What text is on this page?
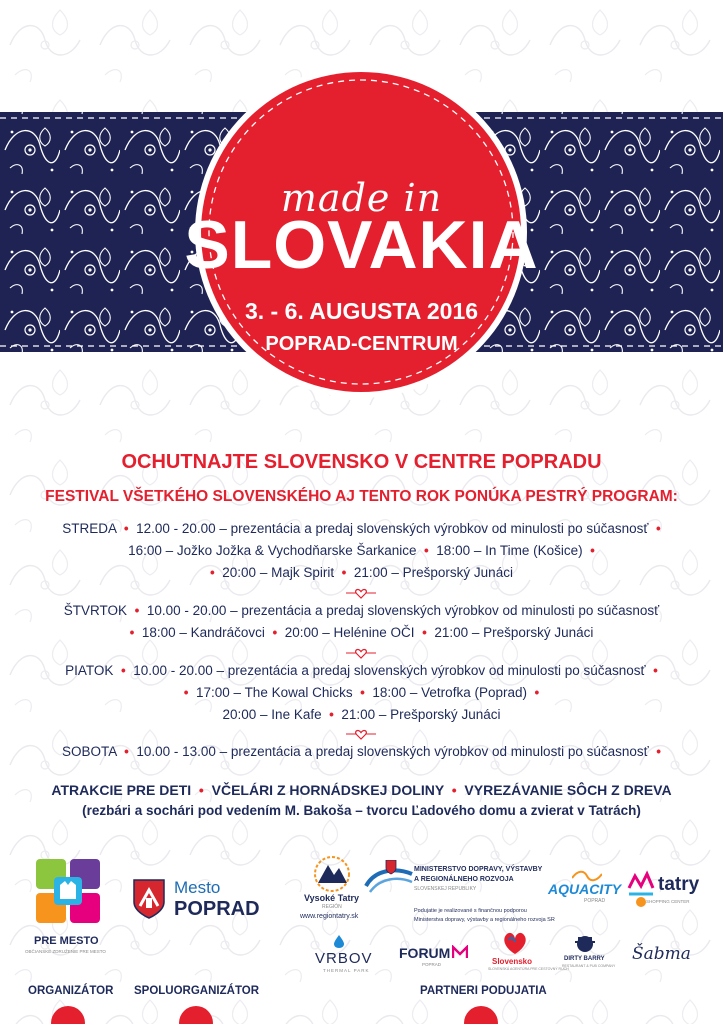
made in
SLOVAKIA
3. - 6. AUGUSTA 2016
POPRAD-CENTRUM
OCHUTNAJTE SLOVENSKO V CENTRE POPRADU
FESTIVAL VŠETKÉHO SLOVENSKÉHO AJ TENTO ROK PONÚKA PESTRÝ PROGRAM:
STREDA  •  12.00 - 20.00 – prezentácia a predaj slovenských výrobkov od minulosti po súčasnosť  •
16:00 – Jožko Jožka & Vychodňarske Šarkanice  •  18:00 – In Time (Košice)  •
•  20:00 – Majk Spirit  •  21:00 – Prešporský Junáci
ŠTVRTOK  •  10.00 - 20.00 – prezentácia a predaj slovenských výrobkov od minulosti po súčasnosť
•  18:00 – Kandráčovci  •  20:00 – Helénine OČI  •  21:00 – Prešporský Junáci
PIATOK  •  10.00 - 20.00 – prezentácia a predaj slovenských výrobkov od minulosti po súčasnosť  •
•  17:00 – The Kowal Chicks  •  18:00 – Vetrofka (Poprad)  •
20:00 – Ine Kafe  •  21:00 – Prešporský Junáci
SOBOTA  •  10.00 - 13.00 – prezentácia a predaj slovenských výrobkov od minulosti po súčasnosť  •
ATRAKCIE PRE DETI  •  VČELÁRI Z HORNÁDSKEJ DOLINY  •  VYREZÁVANIE SÔCH Z DREVA
(rezbári a sochári pod vedením M. Bakoša – tvorcu Ľadového domu a zvierat v Tatrách)
PRE MESTO
OBČIANSKE ZDRUŽENIE PRE MESTO
Mesto
POPRAD	Vysoké Tatry
REGIÓN
www.regiontatry.sk
MINISTERSTVO DOPRAVY, VÝSTAVBY
A REGIONÁLNEHO ROZVOJA
SLOVENSKEJ REPUBLIKY
Podujatie je realizované s finančnou podporou
Ministerstva dopravy, výstavby a regionálneho rozvoja SR
AQUACITY
POPRAD
tatry
SHOPPING CENTER
VRBOV
THERMAL PARK
FORUM
POPRAD	Slovensko
SLOVENSKÁ AGENTÚRA PRE CESTOVNÝ RUCH
DIRTY BARRY
RESTAURANT & PUB COMPANY
Šabma
ORGANIZÁTOR SPOLUORGANIZÁTOR	PARTNERI PODUJATIA
